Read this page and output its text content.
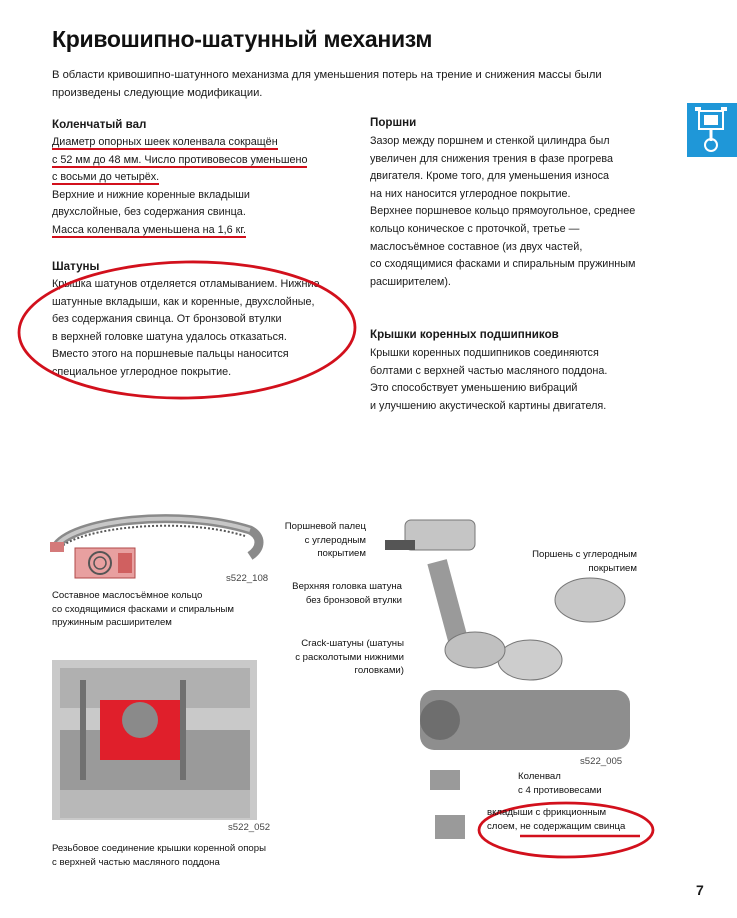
Кривошипно-шатунный механизм
В области кривошипно-шатунного механизма для уменьшения потерь на трение и снижения массы были
произведены следующие модификации.
Коленчатый вал
Диаметр опорных шеек коленвала сокращён
с 52 мм до 48 мм. Число противовесов уменьшено
с восьми до четырёх.
Верхние и нижние коренные вкладыши
двухслойные, без содержания свинца.
Масса коленвала уменьшена на 1,6 кг.
Шатуны
Крышка шатунов отделяется отламыванием. Нижние
шатунные вкладыши, как и коренные, двухслойные,
без содержания свинца. От бронзовой втулки
в верхней головке шатуна удалось отказаться.
Вместо этого на поршневые пальцы наносится
специальное углеродное покрытие.
Поршни
Зазор между поршнем и стенкой цилиндра был
увеличен для снижения трения в фазе прогрева
двигателя. Кроме того, для уменьшения износа
на них наносится углеродное покрытие.
Верхнее поршневое кольцо прямоугольное, среднее
кольцо коническое с проточкой, третье —
маслосъёмное составное (из двух частей,
со сходящимися фасками и спиральным пружинным
расширителем).
Крышки коренных подшипников
Крышки коренных подшипников соединяются
болтами с верхней частью масляного поддона.
Это способствует уменьшению вибраций
и улучшению акустической картины двигателя.
s522_108
Составное маслосъёмное кольцо
со сходящимися фасками и спиральным
пружинным расширителем
Поршневой палец
с углеродным
покрытием
Верхняя головка шатуна
без бронзовой втулки
Crack-шатуны (шатуны
с расколотыми нижними
головками)
Поршень с углеродным
покрытием
s522_005
Коленвал
с 4 противовесами
вкладыши с фрикционным
слоем, не содержащим свинца
s522_052
Резьбовое соединение крышки коренной опоры
с верхней частью масляного поддона
7
